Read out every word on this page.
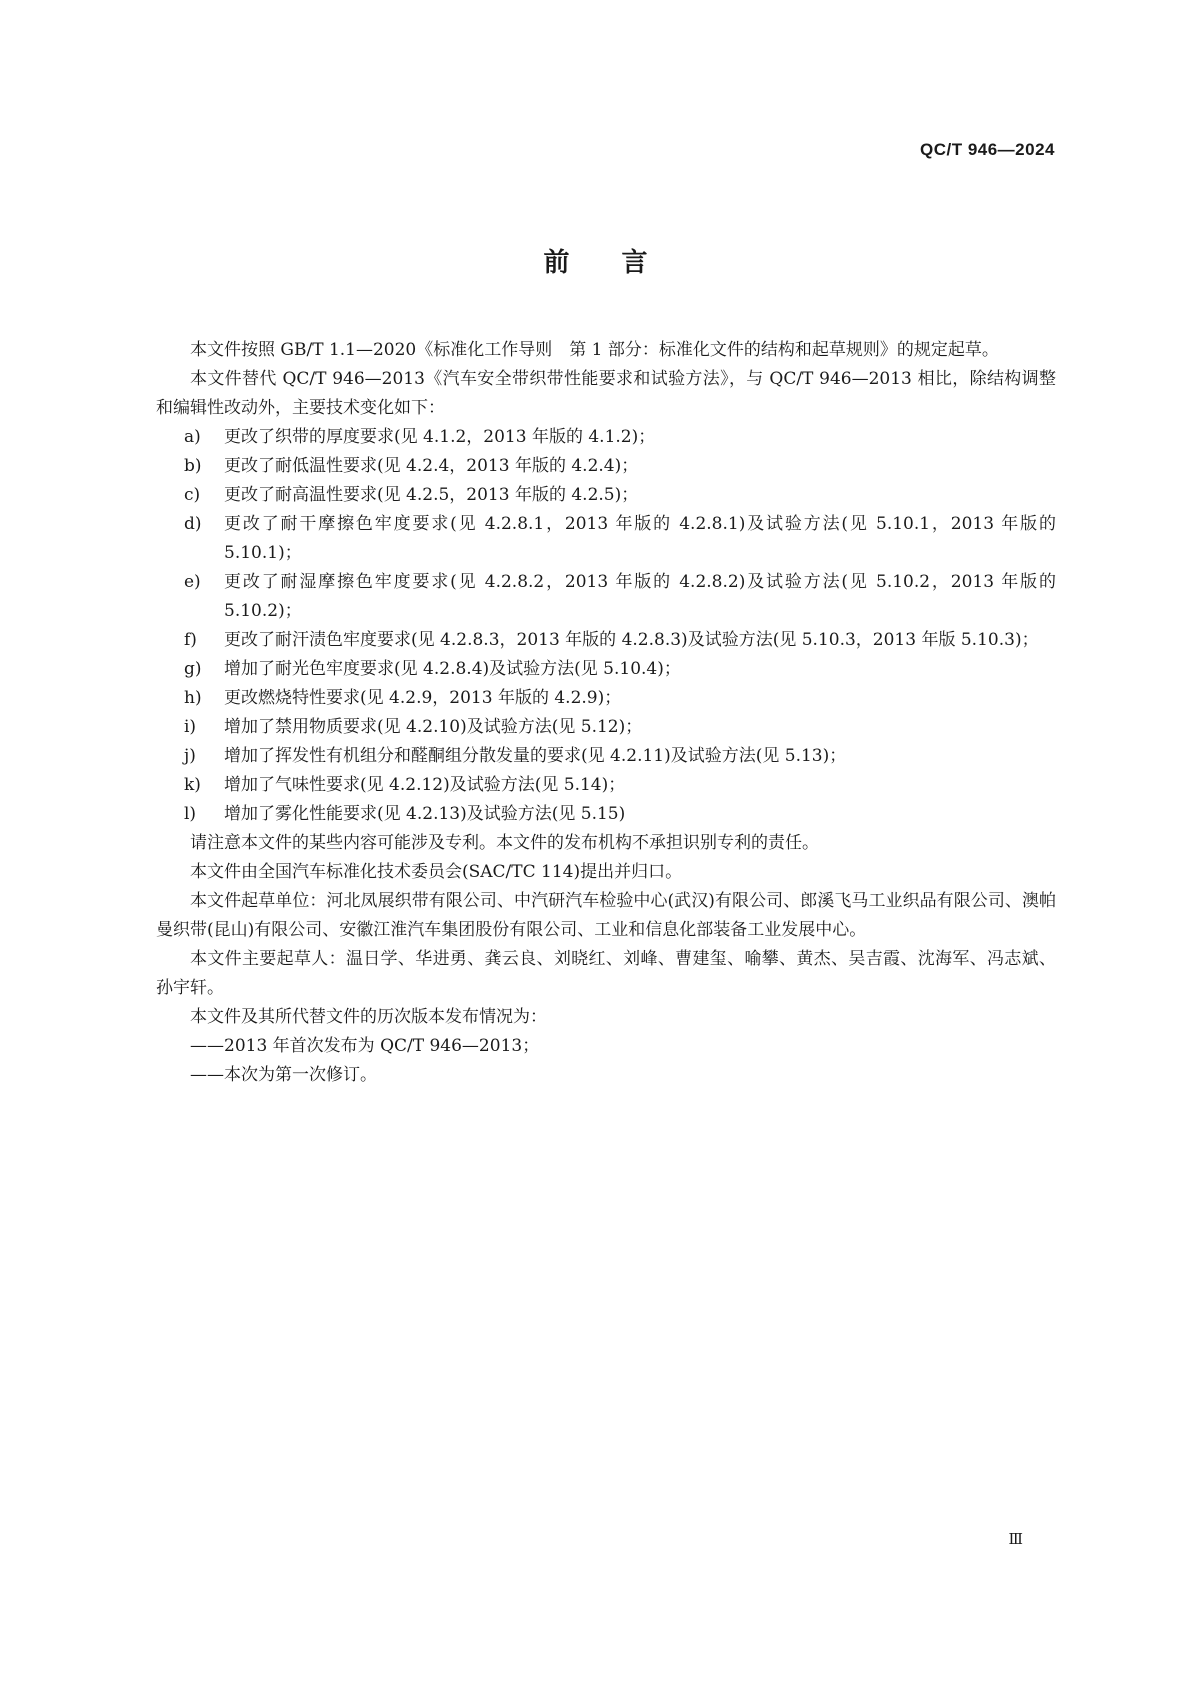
QC/T 946—2024
前言

本文件按照 GB/T 1.1—2020《标准化工作导则　第 1 部分：标准化文件的结构和起草规则》的规定起草。

本文件替代 QC/T 946—2013《汽车安全带织带性能要求和试验方法》，与 QC/T 946—2013 相比，除结构调整和编辑性改动外，主要技术变化如下：

a) 更改了织带的厚度要求(见 4.1.2，2013 年版的 4.1.2)；

b) 更改了耐低温性要求(见 4.2.4，2013 年版的 4.2.4)；

c) 更改了耐高温性要求(见 4.2.5，2013 年版的 4.2.5)；

d) 更改了耐干摩擦色牢度要求(见 4.2.8.1，2013 年版的 4.2.8.1)及试验方法(见 5.10.1，2013 年版的 5.10.1)；

e) 更改了耐湿摩擦色牢度要求(见 4.2.8.2，2013 年版的 4.2.8.2)及试验方法(见 5.10.2，2013 年版的 5.10.2)；

f) 更改了耐汗渍色牢度要求(见 4.2.8.3，2013 年版的 4.2.8.3)及试验方法(见 5.10.3，2013 年版 5.10.3)；

g) 增加了耐光色牢度要求(见 4.2.8.4)及试验方法(见 5.10.4)；

h) 更改燃烧特性要求(见 4.2.9，2013 年版的 4.2.9)；

i) 增加了禁用物质要求(见 4.2.10)及试验方法(见 5.12)；

j) 增加了挥发性有机组分和醛酮组分散发量的要求(见 4.2.11)及试验方法(见 5.13)；

k) 增加了气味性要求(见 4.2.12)及试验方法(见 5.14)；

l) 增加了雾化性能要求(见 4.2.13)及试验方法(见 5.15)

请注意本文件的某些内容可能涉及专利。本文件的发布机构不承担识别专利的责任。

本文件由全国汽车标准化技术委员会(SAC/TC 114)提出并归口。

本文件起草单位：河北凤展织带有限公司、中汽研汽车检验中心(武汉)有限公司、郎溪飞马工业织品有限公司、澳帕曼织带(昆山)有限公司、安徽江淮汽车集团股份有限公司、工业和信息化部装备工业发展中心。

本文件主要起草人：温日学、华进勇、龚云良、刘晓红、刘峰、曹建玺、喻攀、黄杰、吴吉霞、沈海军、冯志斌、孙宇轩。

本文件及其所代替文件的历次版本发布情况为：

——2013 年首次发布为 QC/T 946—2013；

——本次为第一次修订。

Ⅲ
